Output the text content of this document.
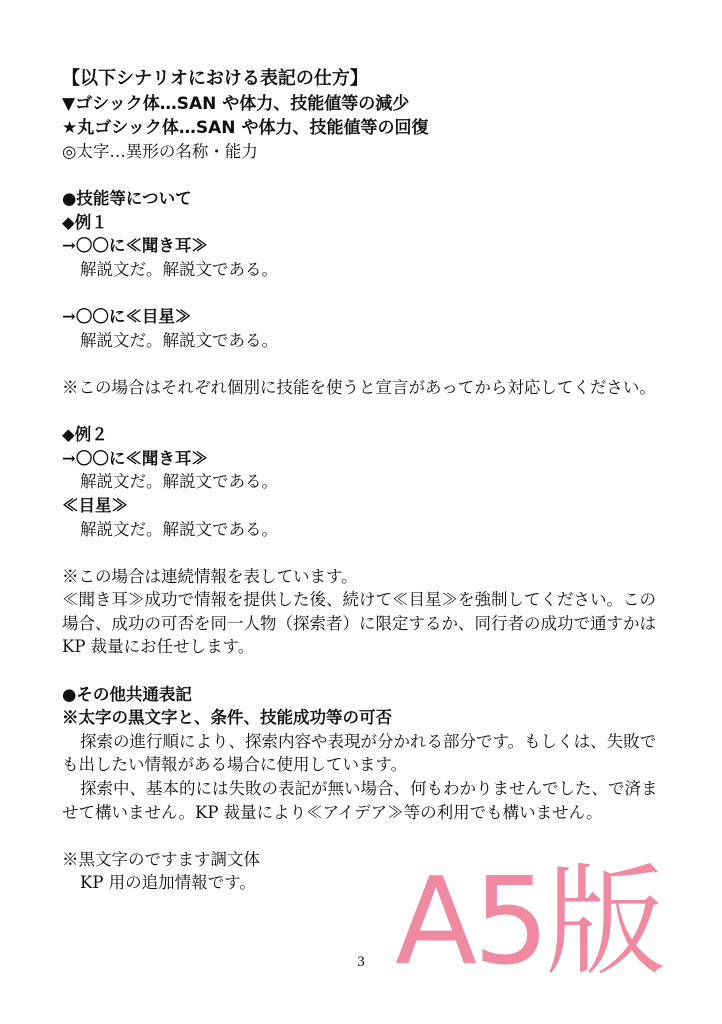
【以下シナリオにおける表記の仕方】
▼ゴシック体…SAN や体力、技能値等の減少
★丸ゴシック体…SAN や体力、技能値等の回復
◎太字…異形の名称・能力
●技能等について
◆例１
→〇〇に≪聞き耳≫
解説文だ。解説文である。
→〇〇に≪目星≫
解説文だ。解説文である。
※この場合はそれぞれ個別に技能を使うと宣言があってから対応してください。
◆例２
→〇〇に≪聞き耳≫
解説文だ。解説文である。
≪目星≫
解説文だ。解説文である。
※この場合は連続情報を表しています。
≪聞き耳≫成功で情報を提供した後、続けて≪目星≫を強制してください。この場合、成功の可否を同一人物（探索者）に限定するか、同行者の成功で通すかは KP 裁量にお任せします。
●その他共通表記
※太字の黒文字と、条件、技能成功等の可否
探索の進行順により、探索内容や表現が分かれる部分です。もしくは、失敗でも出したい情報がある場合に使用しています。
探索中、基本的には失敗の表記が無い場合、何もわかりませんでした、で済ませて構いません。KP 裁量により≪アイデア≫等の利用でも構いません。
※黒文字のですます調文体
KP 用の追加情報です。
3 A5版
